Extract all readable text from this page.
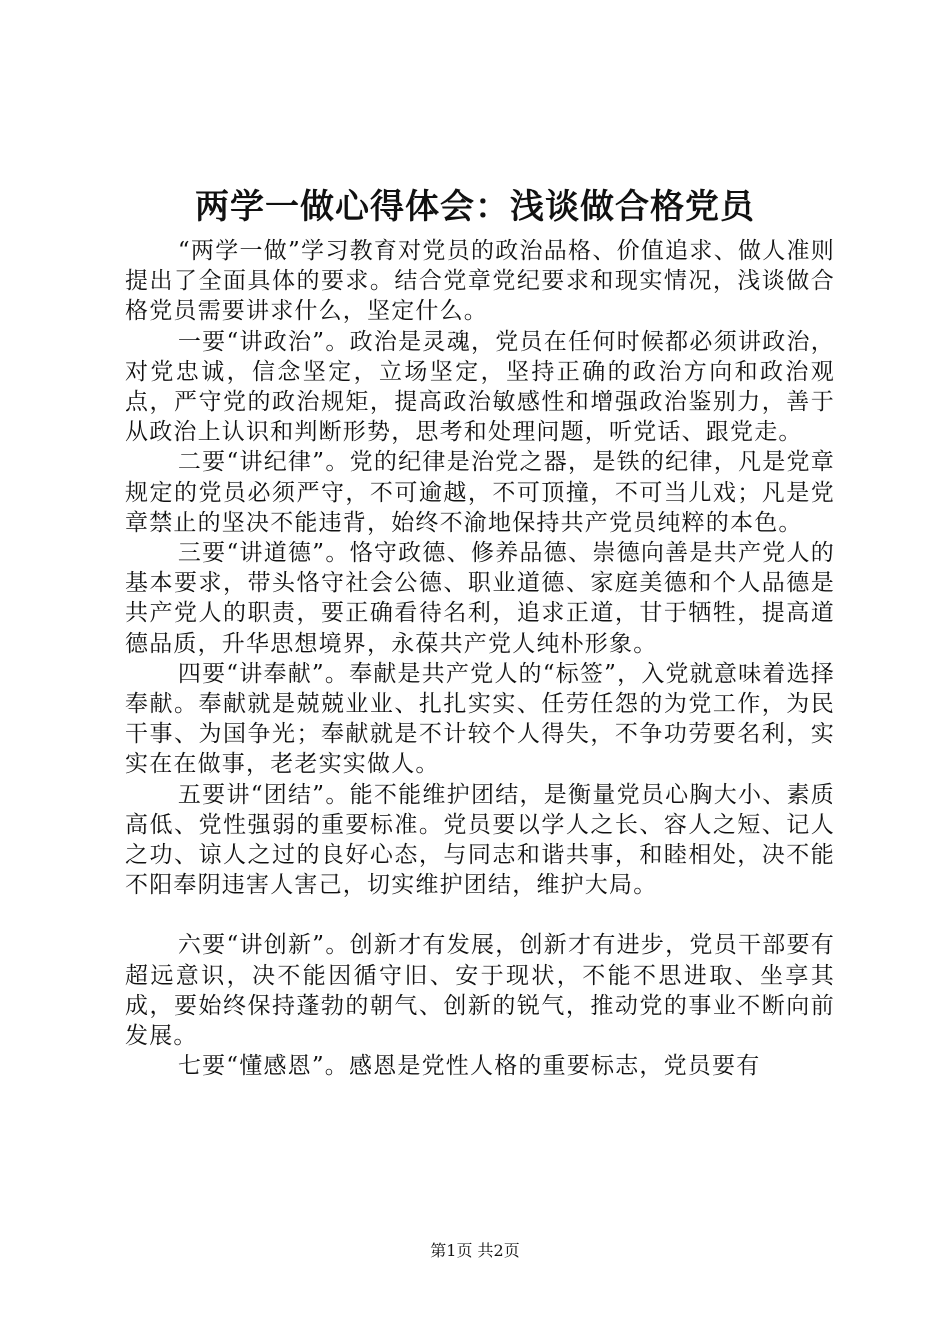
两学一做心得体会：浅谈做合格党员

“两学一做”学习教育对党员的政治品格、价值追求、做人准则提出了全面具体的要求。结合党章党纪要求和现实情况，浅谈做合格党员需要讲求什么，坚定什么。

一要“讲政治”。政治是灵魂，党员在任何时候都必须讲政治，对党忠诚，信念坚定，立场坚定，坚持正确的政治方向和政治观点，严守党的政治规矩，提高政治敏感性和增强政治鉴别力，善于从政治上认识和判断形势，思考和处理问题，听党话、跟党走。

二要“讲纪律”。党的纪律是治党之器，是铁的纪律，凡是党章规定的党员必须严守，不可逾越，不可顶撞，不可当儿戏；凡是党章禁止的坚决不能违背，始终不渝地保持共产党员纯粹的本色。

三要“讲道德”。恪守政德、修养品德、崇德向善是共产党人的基本要求，带头恪守社会公德、职业道德、家庭美德和个人品德是共产党人的职责，要正确看待名利，追求正道，甘于牺牲，提高道德品质，升华思想境界，永葆共产党人纯朴形象。

四要“讲奉献”。奉献是共产党人的“标签”，入党就意味着选择奉献。奉献就是兢兢业业、扎扎实实、任劳任怨的为党工作，为民干事、为国争光；奉献就是不计较个人得失，不争功劳要名利，实实在在做事，老老实实做人。

五要讲“团结”。能不能维护团结，是衡量党员心胸大小、素质高低、党性强弱的重要标准。党员要以学人之长、容人之短、记人之功、谅人之过的良好心态，与同志和谐共事，和睦相处，决不能不阳奉阴违害人害己，切实维护团结，维护大局。

六要“讲创新”。创新才有发展，创新才有进步，党员干部要有超远意识，决不能因循守旧、安于现状，不能不思进取、坐享其成，要始终保持蓬勃的朝气、创新的锐气，推动党的事业不断向前发展。

七要“懂感恩”。感恩是党性人格的重要标志，党员要有

第1页 共2页
